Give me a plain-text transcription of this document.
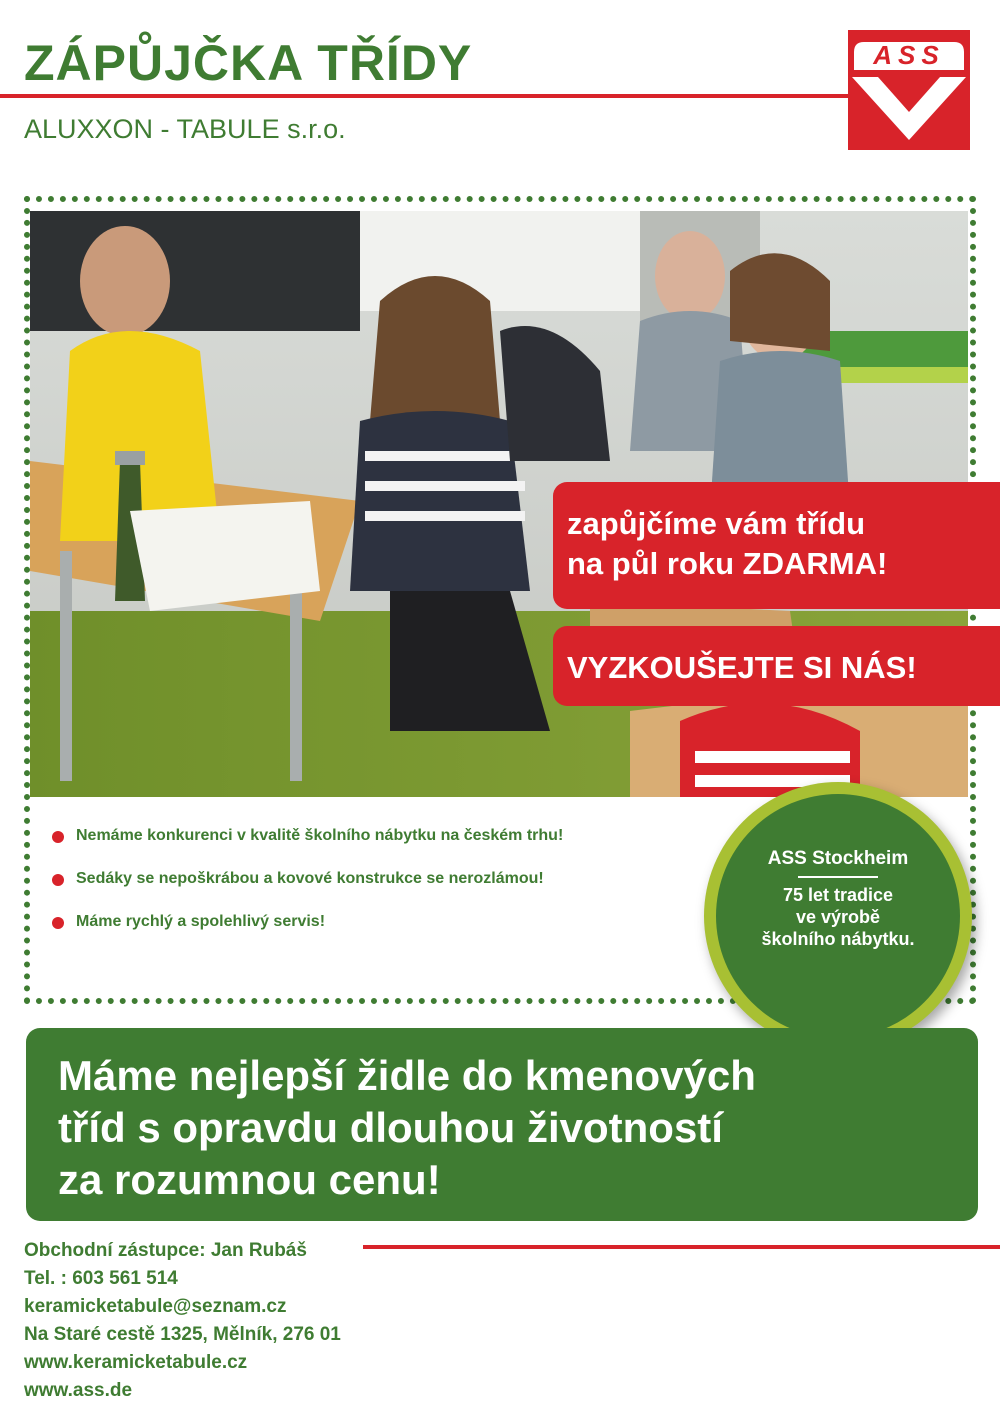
ZÁPŮJČKA TŘÍDY
ALUXXON - TABULE s.r.o.
ASS
zapůjčíme vám třídu
na půl roku ZDARMA!
VYZKOUŠEJTE SI NÁS!
Nemáme konkurenci v kvalitě školního nábytku na českém trhu!
Sedáky se nepoškrábou a kovové konstrukce se nerozlámou!
Máme rychlý a spolehlivý servis!
ASS Stockheim
75 let tradice
ve výrobě
školního nábytku.
Máme nejlepší židle do kmenových
tříd s opravdu dlouhou životností
za rozumnou cenu!
Obchodní zástupce: Jan Rubáš
Tel. : 603 561 514
keramicketabule@seznam.cz
Na Staré cestě 1325, Mělník, 276 01
www.keramicketabule.cz
www.ass.de
